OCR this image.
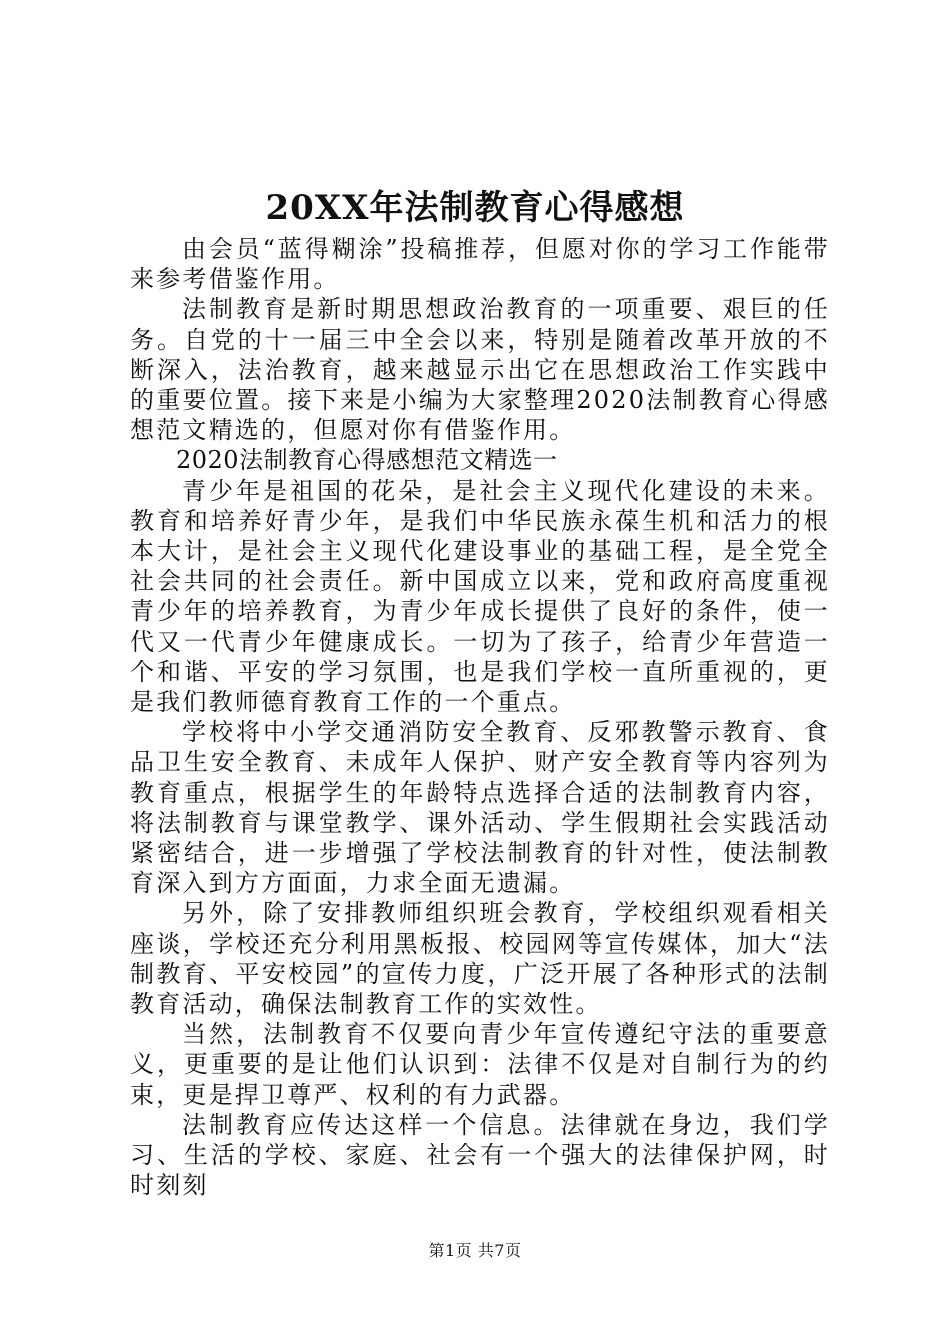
20XX年法制教育心得感想

由会员“蓝得糊涂”投稿推荐，但愿对你的学习工作能带来参考借鉴作用。

法制教育是新时期思想政治教育的一项重要、艰巨的任务。自党的十一届三中全会以来，特别是随着改革开放的不断深入，法治教育，越来越显示出它在思想政治工作实践中的重要位置。接下来是小编为大家整理2020法制教育心得感想范文精选的，但愿对你有借鉴作用。

2020法制教育心得感想范文精选一

青少年是祖国的花朵，是社会主义现代化建设的未来。教育和培养好青少年，是我们中华民族永葆生机和活力的根本大计，是社会主义现代化建设事业的基础工程，是全党全社会共同的社会责任。新中国成立以来，党和政府高度重视青少年的培养教育，为青少年成长提供了良好的条件，使一代又一代青少年健康成长。一切为了孩子，给青少年营造一个和谐、平安的学习氛围，也是我们学校一直所重视的，更是我们教师德育教育工作的一个重点。

学校将中小学交通消防安全教育、反邪教警示教育、食品卫生安全教育、未成年人保护、财产安全教育等内容列为教育重点，根据学生的年龄特点选择合适的法制教育内容，将法制教育与课堂教学、课外活动、学生假期社会实践活动紧密结合，进一步增强了学校法制教育的针对性，使法制教育深入到方方面面，力求全面无遗漏。

另外，除了安排教师组织班会教育，学校组织观看相关座谈，学校还充分利用黑板报、校园网等宣传媒体，加大“法制教育、平安校园”的宣传力度，广泛开展了各种形式的法制教育活动，确保法制教育工作的实效性。

当然，法制教育不仅要向青少年宣传遵纪守法的重要意义，更重要的是让他们认识到：法律不仅是对自制行为的约束，更是捍卫尊严、权利的有力武器。

法制教育应传达这样一个信息。法律就在身边，我们学习、生活的学校、家庭、社会有一个强大的法律保护网，时时刻刻

第1页 共7页
